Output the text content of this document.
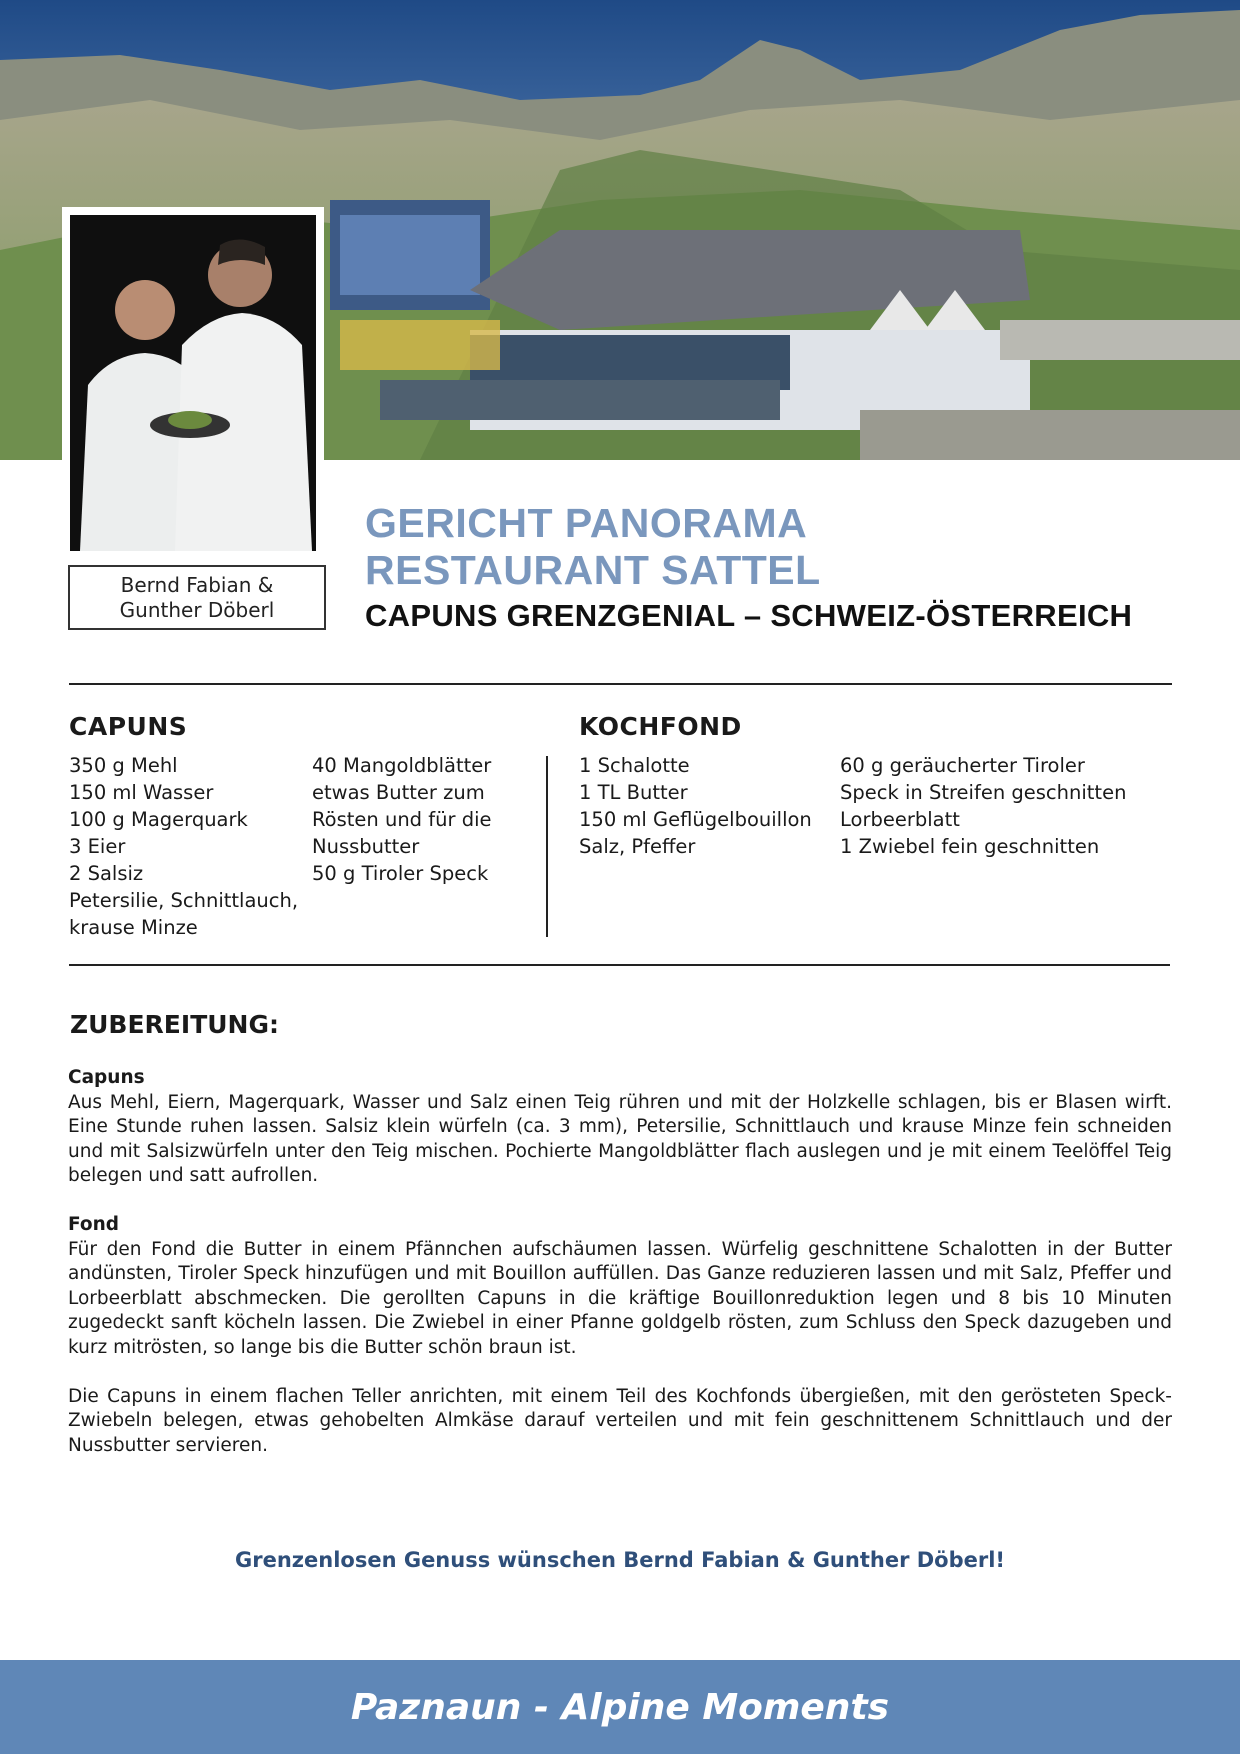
Bernd Fabian &
Gunther Döberl
GERICHT PANORAMA
RESTAURANT SATTEL
CAPUNS GRENZGENIAL – SCHWEIZ-ÖSTERREICH
CAPUNS
350 g Mehl
150 ml Wasser
100 g Magerquark
3 Eier
2 Salsiz
Petersilie, Schnittlauch,
krause Minze
40 Mangoldblätter
etwas Butter zum
Rösten und für die
Nussbutter
50 g Tiroler Speck
KOCHFOND
1 Schalotte
1 TL Butter
150 ml Geflügelbouillon
Salz, Pfeffer
60 g geräucherter Tiroler
Speck in Streifen geschnitten
Lorbeerblatt
1 Zwiebel fein geschnitten
ZUBEREITUNG:
Capuns

Aus Mehl, Eiern, Magerquark, Wasser und Salz einen Teig rühren und mit der Holzkelle schlagen, bis er Blasen wirft. Eine Stunde ruhen lassen. Salsiz klein würfeln (ca. 3 mm), Petersilie, Schnittlauch und krause Minze fein schneiden und mit Salsizwürfeln unter den Teig mischen. Pochierte Mangoldblätter flach auslegen und je mit einem Teelöffel Teig belegen und satt aufrollen.

Fond

Für den Fond die Butter in einem Pfännchen aufschäumen lassen. Würfelig geschnittene Schalotten in der Butter andünsten, Tiroler Speck hinzufügen und mit Bouillon auffüllen. Das Ganze reduzieren lassen und mit Salz, Pfeffer und Lorbeerblatt abschmecken. Die gerollten Capuns in die kräftige Bouillonreduktion legen und 8 bis 10 Minuten zugedeckt sanft köcheln lassen. Die Zwiebel in einer Pfanne goldgelb rösten, zum Schluss den Speck dazugeben und kurz mitrösten, so lange bis die Butter schön braun ist.

Die Capuns in einem flachen Teller anrichten, mit einem Teil des Kochfonds übergießen, mit den gerösteten Speck-Zwiebeln belegen, etwas gehobelten Almkäse darauf verteilen und mit fein geschnittenem Schnittlauch und der Nussbutter servieren.

Grenzenlosen Genuss wünschen Bernd Fabian & Gunther Döberl!
Paznaun - Alpine Moments
